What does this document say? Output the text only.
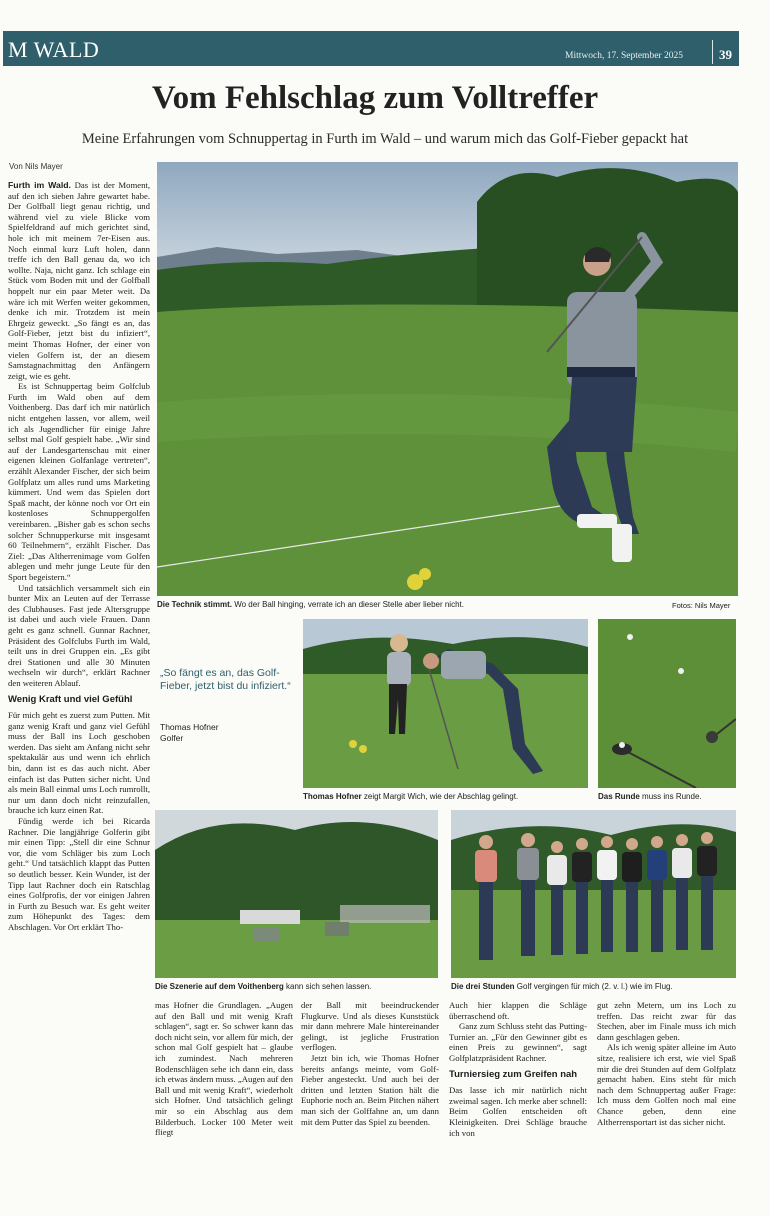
M WALD	Mittwoch, 17. September 2025	39
Vom Fehlschlag zum Volltreffer
Meine Erfahrungen vom Schnuppertag in Furth im Wald – und warum mich das Golf-Fieber gepackt hat
Von Nils Mayer

Furth im Wald. Das ist der Moment, auf den ich sieben Jahre gewartet habe. Der Golfball liegt genau richtig, und während viel zu viele Blicke vom Spielfeldrand auf mich gerichtet sind, hole ich mit meinem 7er-Eisen aus. Noch einmal kurz Luft holen, dann treffe ich den Ball genau da, wo ich wollte. Naja, nicht ganz. Ich schlage ein Stück vom Boden mit und der Golfball hoppelt nur ein paar Meter weit. Da wäre ich mit Werfen weiter gekommen, denke ich mir. Trotzdem ist mein Ehrgeiz geweckt. „So fängt es an, das Golf-Fieber, jetzt bist du infiziert“, meint Thomas Hofner, der einer von vielen Golfern ist, der an diesem Samstagnachmittag den Anfängern zeigt, wie es geht.

Es ist Schnuppertag beim Golfclub Furth im Wald oben auf dem Voithenberg. Das darf ich mir natürlich nicht entgehen lassen, vor allem, weil ich als Jugendlicher für einige Jahre selbst mal Golf gespielt habe. „Wir sind auf der Landesgartenschau mit einer eigenen kleinen Golfanlage vertreten“, erzählt Alexander Fischer, der sich beim Golfplatz um alles rund ums Marketing kümmert. Und wem das Spielen dort Spaß macht, der könne noch vor Ort ein kostenloses Schnuppergolfen vereinbaren. „Bisher gab es schon sechs solcher Schnupperkurse mit insgesamt 60 Teilnehmern“, erzählt Fischer. Das Ziel: „Das Altherrenimage vom Golfen ablegen und mehr junge Leute für den Sport begeistern.“

Und tatsächlich versammelt sich ein bunter Mix an Leuten auf der Terrasse des Clubhauses. Fast jede Altersgruppe ist dabei und auch viele Frauen. Dann geht es ganz schnell. Gunnar Rachner, Präsident des Golfclubs Furth im Wald, teilt uns in drei Gruppen ein. „Es gibt drei Stationen und alle 30 Minuten wechseln wir durch“, erklärt Rachner den weiteren Ablauf.

Wenig Kraft und viel Gefühl

Für mich geht es zuerst zum Putten. Mit ganz wenig Kraft und ganz viel Gefühl muss der Ball ins Loch geschoben werden. Das sieht am Anfang nicht sehr spektakulär aus und wenn ich ehrlich bin, dann ist es das auch nicht. Aber einfach ist das Putten sicher nicht. Und als mein Ball einmal ums Loch rumrollt, nur um dann doch nicht reinzufallen, brauche ich kurz einen Rat.

Fündig werde ich bei Ricarda Rachner. Die langjährige Golferin gibt mir einen Tipp: „Stell dir eine Schnur vor, die vom Schläger bis zum Loch geht.“ Und tatsächlich klappt das Putten so deutlich besser. Kein Wunder, ist der Tipp laut Rachner doch ein Ratschlag eines Golfprofis, der vor einigen Jahren in Furth zu Besuch war. Es geht weiter zum Höhepunkt des Tages: dem Abschlagen. Vor Ort erklärt Tho-

Die Technik stimmt. Wo der Ball hinging, verrate ich an dieser Stelle aber lieber nicht.	Fotos: Nils Mayer
„So fängt es an, das Golf-Fieber, jetzt bist du infiziert.“
Thomas Hofner
Golfer
Thomas Hofner zeigt Margit Wich, wie der Abschlag gelingt.	Das Runde muss ins Runde.
Die Szenerie auf dem Voithenberg kann sich sehen lassen.	Die drei Stunden Golf vergingen für mich (2. v. l.) wie im Flug.

mas Hofner die Grundlagen. „Augen auf den Ball und mit wenig Kraft schlagen“, sagt er. So schwer kann das doch nicht sein, vor allem für mich, der schon mal Golf gespielt hat – glaube ich zumindest. Nach mehreren Bodenschlägen sehe ich dann ein, dass ich etwas ändern muss. „Augen auf den Ball und mit wenig Kraft“, wiederholt sich Hofner. Und tatsächlich gelingt mir so ein Abschlag aus dem Bilderbuch. Locker 100 Meter weit fliegt

der Ball mit beeindruckender Flugkurve. Und als dieses Kunststück mir dann mehrere Male hintereinander gelingt, ist jegliche Frustration verflogen.

Jetzt bin ich, wie Thomas Hofner bereits anfangs meinte, vom Golf-Fieber angesteckt. Und auch bei der dritten und letzten Station hält die Euphorie noch an. Beim Pitchen nähert man sich der Golffahne an, um dann mit dem Putter das Spiel zu beenden.

Auch hier klappen die Schläge überraschend oft.

Ganz zum Schluss steht das Putting-Turnier an. „Für den Gewinner gibt es einen Preis zu gewinnen“, sagt Golfplatzpräsident Rachner.

Turniersieg zum Greifen nah

Das lasse ich mir natürlich nicht zweimal sagen. Ich merke aber schnell: Beim Golfen entscheiden oft Kleinigkeiten. Drei Schläge brauche ich von

gut zehn Metern, um ins Loch zu treffen. Das reicht zwar für das Stechen, aber im Finale muss ich mich dann geschlagen geben.

Als ich wenig später alleine im Auto sitze, realisiere ich erst, wie viel Spaß mir die drei Stunden auf dem Golfplatz gemacht haben. Eins steht für mich nach dem Schnuppertag außer Frage: Ich muss dem Golfen noch mal eine Chance geben, denn eine Altherrensportart ist das sicher nicht.
